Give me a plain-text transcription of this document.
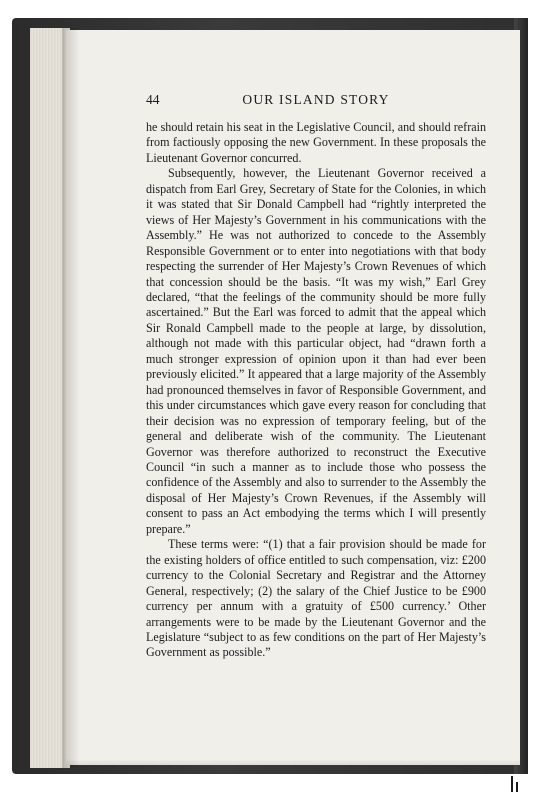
44	OUR ISLAND STORY

he should retain his seat in the Legislative Council, and should refrain from factiously opposing the new Government. In these proposals the Lieutenant Governor concurred.

Subsequently, however, the Lieutenant Governor received a dispatch from Earl Grey, Secretary of State for the Colonies, in which it was stated that Sir Donald Campbell had “rightly interpreted the views of Her Majesty’s Government in his communications with the Assembly.” He was not authorized to concede to the Assembly Responsible Government or to enter into negotiations with that body respecting the surrender of Her Majesty’s Crown Revenues of which that concession should be the basis. “It was my wish,” Earl Grey declared, “that the feelings of the community should be more fully ascertained.” But the Earl was forced to admit that the appeal which Sir Ronald Campbell made to the people at large, by dissolution, although not made with this particular object, had “drawn forth a much stronger expression of opinion upon it than had ever been previously elicited.” It appeared that a large majority of the Assembly had pronounced themselves in favor of Responsible Government, and this under circumstances which gave every reason for concluding that their decision was no expression of temporary feeling, but of the general and deliberate wish of the community. The Lieutenant Governor was therefore authorized to reconstruct the Executive Council “in such a manner as to include those who possess the confidence of the Assembly and also to surrender to the Assembly the disposal of Her Majesty’s Crown Revenues, if the Assembly will consent to pass an Act embodying the terms which I will presently prepare.”

These terms were: “(1) that a fair provision should be made for the existing holders of office entitled to such compensation, viz: £200 currency to the Colonial Secretary and Registrar and the Attorney General, respectively; (2) the salary of the Chief Justice to be £900 currency per annum with a gratuity of £500 currency.’ Other arrangements were to be made by the Lieutenant Governor and the Legislature “subject to as few conditions on the part of Her Majesty’s Government as possible.”
